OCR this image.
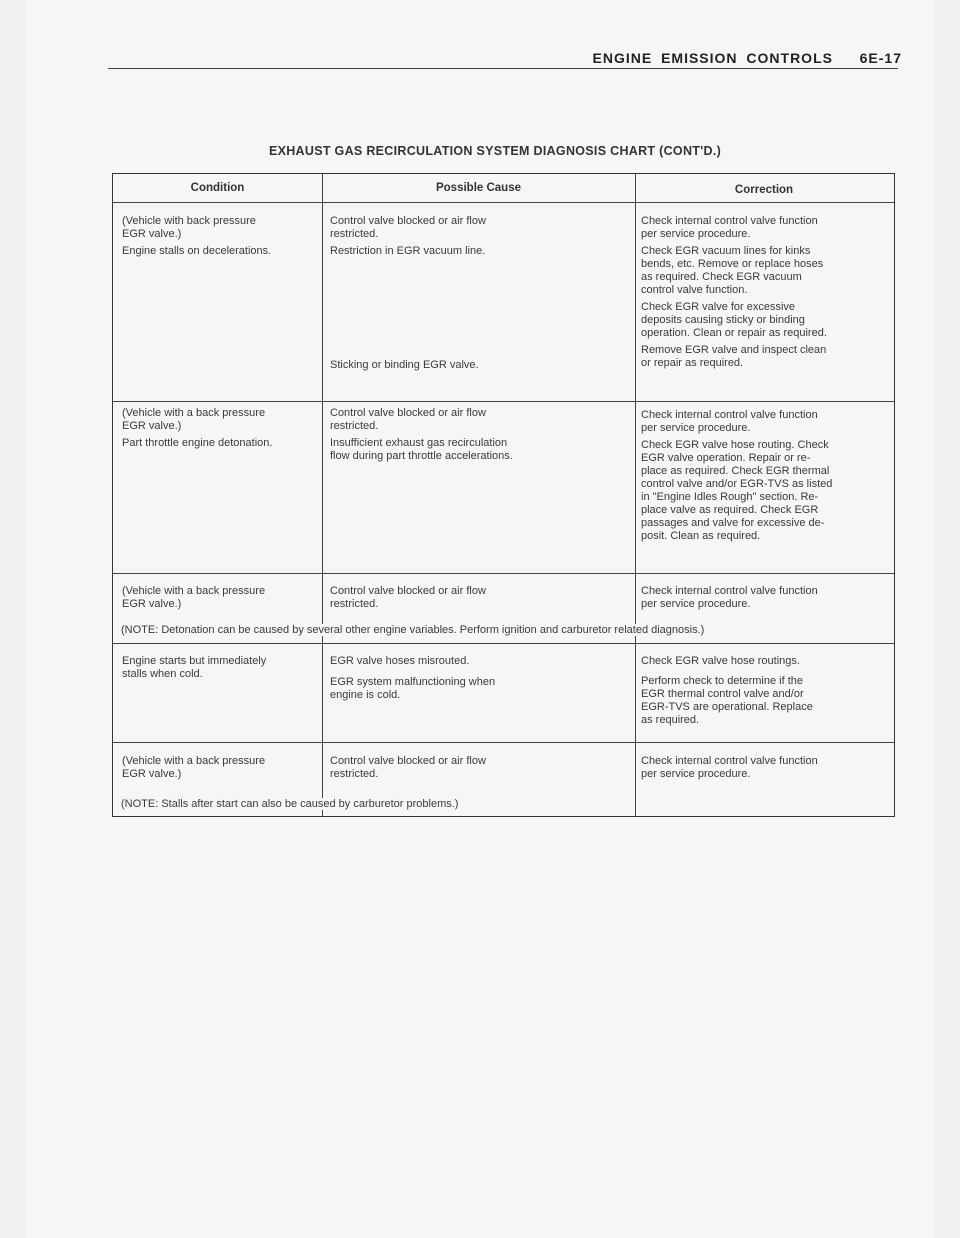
ENGINE EMISSION CONTROLS 6E-17
EXHAUST GAS RECIRCULATION SYSTEM DIAGNOSIS CHART (CONT'D.)
Condition	Possible Cause	Correction

(Vehicle with back pressure
EGR valve.)

Engine stalls on decelerations.

Control valve blocked or air flow
restricted.

Restriction in EGR vacuum line.

Sticking or binding EGR valve.

Check internal control valve function
per service procedure.

Check EGR vacuum lines for kinks
bends, etc. Remove or replace hoses
as required. Check EGR vacuum
control valve function.

Check EGR valve for excessive
deposits causing sticky or binding
operation. Clean or repair as required.

Remove EGR valve and inspect clean
or repair as required.

(Vehicle with a back pressure
EGR valve.)

Part throttle engine detonation.

Control valve blocked or air flow
restricted.

Insufficient exhaust gas recirculation
flow during part throttle accelerations.

Check internal control valve function
per service procedure.

Check EGR valve hose routing. Check
EGR valve operation. Repair or re-
place as required. Check EGR thermal
control valve and/or EGR-TVS as listed
in "Engine Idles Rough" section. Re-
place valve as required. Check EGR
passages and valve for excessive de-
posit. Clean as required.

(Vehicle with a back pressure
EGR valve.)

Control valve blocked or air flow
restricted.

Check internal control valve function
per service procedure.

(NOTE: Detonation can be caused by several other engine variables. Perform ignition and carburetor related diagnosis.)

Engine starts but immediately
stalls when cold.

EGR valve hoses misrouted.

EGR system malfunctioning when
engine is cold.

Check EGR valve hose routings.

Perform check to determine if the
EGR thermal control valve and/or
EGR-TVS are operational. Replace
as required.

(Vehicle with a back pressure
EGR valve.)

Control valve blocked or air flow
restricted.

Check internal control valve function
per service procedure.

(NOTE: Stalls after start can also be caused by carburetor problems.)
